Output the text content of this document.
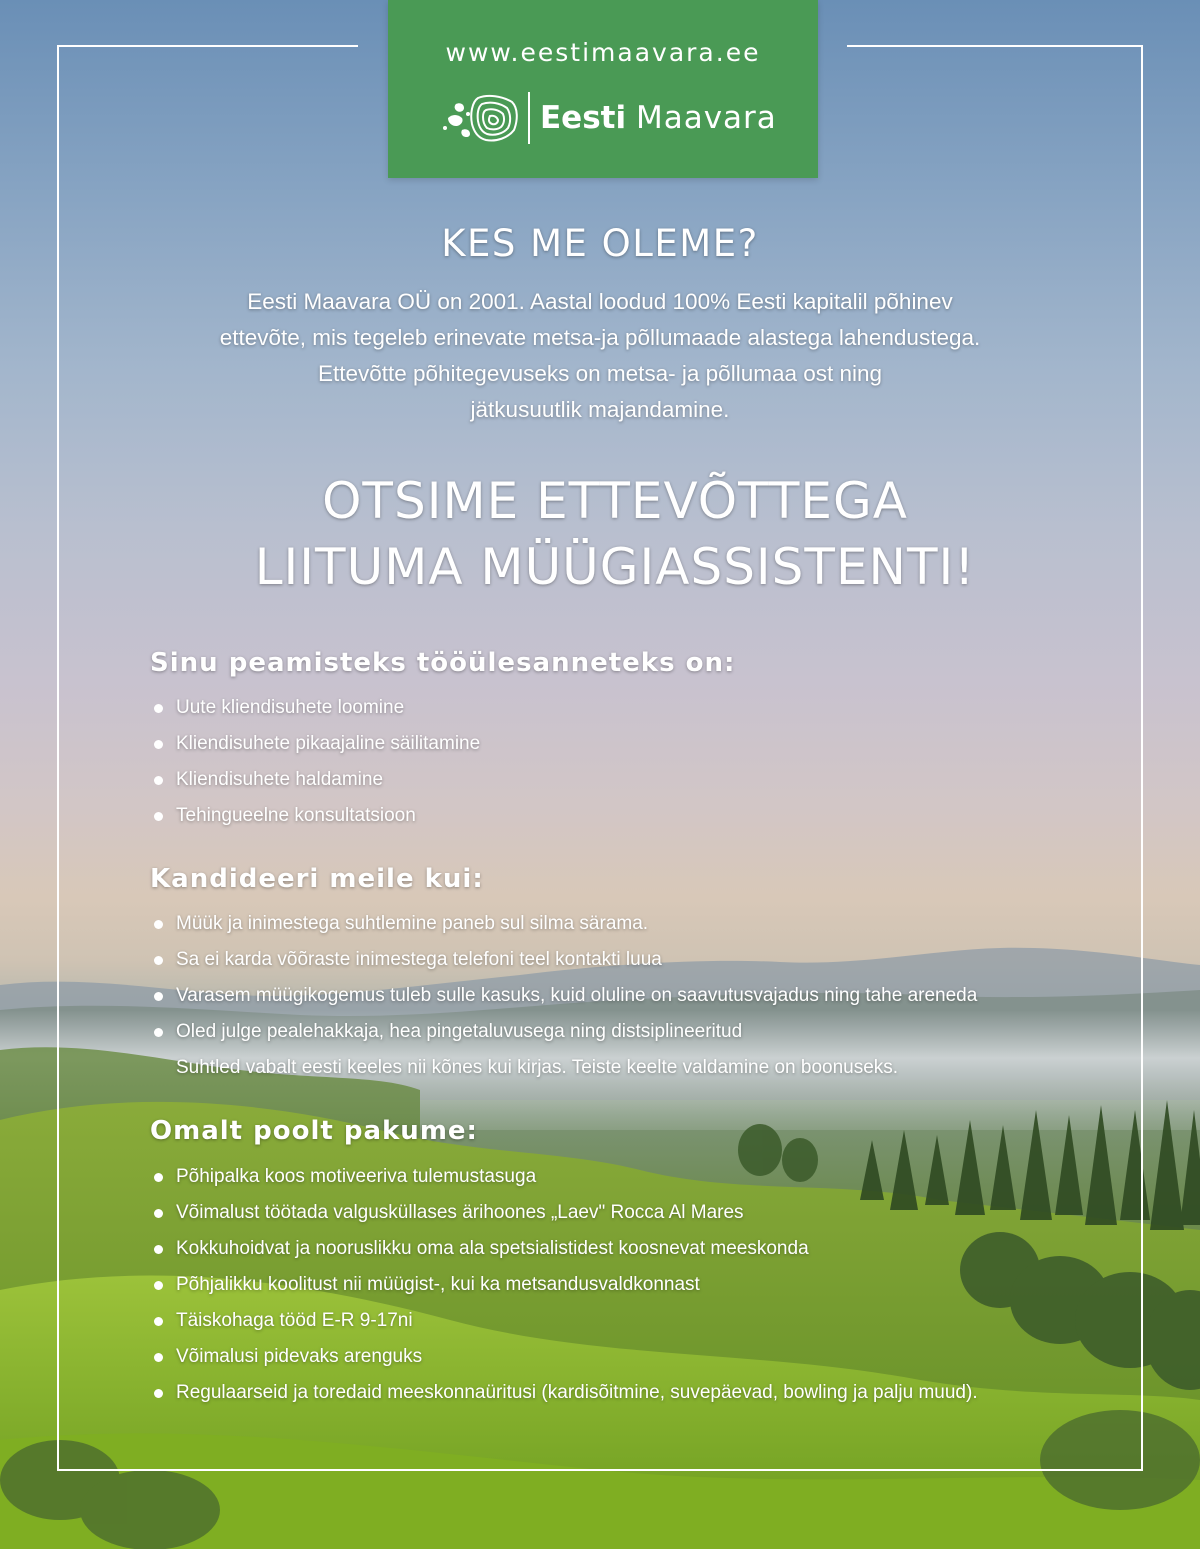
www.eestimaavara.ee
Eesti Maavara
KES ME OLEME?
Eesti Maavara OÜ on 2001. Aastal loodud 100% Eesti kapitalil põhinev
ettevõte, mis tegeleb erinevate metsa-ja põllumaade alastega lahendustega.
Ettevõtte põhitegevuseks on metsa- ja põllumaa ost ning
jätkusuutlik majandamine.
OTSIME ETTEVÕTTEGA
LIITUMA MÜÜGIASSISTENTI!
Sinu peamisteks tööülesanneteks on:
Uute kliendisuhete loomine
Kliendisuhete pikaajaline säilitamine
Kliendisuhete haldamine
Tehingueelne konsultatsioon
Kandideeri meile kui:
Müük ja inimestega suhtlemine paneb sul silma särama.
Sa ei karda võõraste inimestega telefoni teel kontakti luua
Varasem müügikogemus tuleb sulle kasuks, kuid oluline on saavutusvajadus ning tahe areneda
Oled julge pealehakkaja, hea pingetaluvusega ning distsiplineeritud
Suhtled vabalt eesti keeles nii kõnes kui kirjas. Teiste keelte valdamine on boonuseks.
Omalt poolt pakume:
Põhipalka koos motiveeriva tulemustasuga
Võimalust töötada valgusküllases ärihoones „Laev" Rocca Al Mares
Kokkuhoidvat ja nooruslikku oma ala spetsialistidest koosnevat meeskonda
Põhjalikku koolitust nii müügist-, kui ka metsandusvaldkonnast
Täiskohaga tööd E-R 9-17ni
Võimalusi pidevaks arenguks
Regulaarseid ja toredaid meeskonnaüritusi (kardisõitmine, suvepäevad, bowling ja palju muud).
